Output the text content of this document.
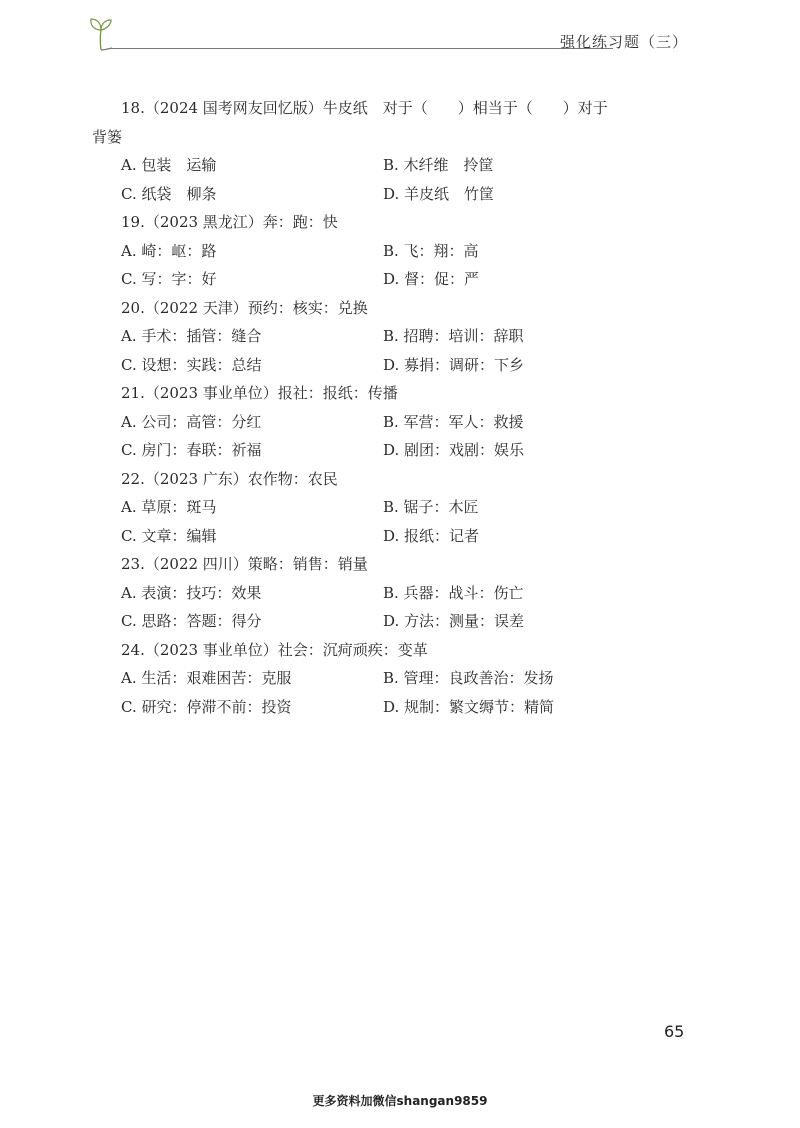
强化练习题（三）
18.（2024 国考网友回忆版）牛皮纸　对于（　　）相当于（　　）对于
背篓
A. 包装　运输	B. 木纤维　拎筐
C. 纸袋　柳条	D. 羊皮纸　竹筐
19.（2023 黑龙江）奔：跑：快
A. 崎：岖：路	B. 飞：翔：高
C. 写：字：好	D. 督：促：严
20.（2022 天津）预约：核实：兑换
A. 手术：插管：缝合	B. 招聘：培训：辞职
C. 设想：实践：总结	D. 募捐：调研：下乡
21.（2023 事业单位）报社：报纸：传播
A. 公司：高管：分红	B. 军营：军人：救援
C. 房门：春联：祈福	D. 剧团：戏剧：娱乐
22.（2023 广东）农作物：农民
A. 草原：斑马	B. 锯子：木匠
C. 文章：编辑	D. 报纸：记者
23.（2022 四川）策略：销售：销量
A. 表演：技巧：效果	B. 兵器：战斗：伤亡
C. 思路：答题：得分	D. 方法：测量：误差
24.（2023 事业单位）社会：沉疴顽疾：变革
A. 生活：艰难困苦：克服	B. 管理：良政善治：发扬
C. 研究：停滞不前：投资	D. 规制：繁文缛节：精简
65
更多资料加微信shangan9859
